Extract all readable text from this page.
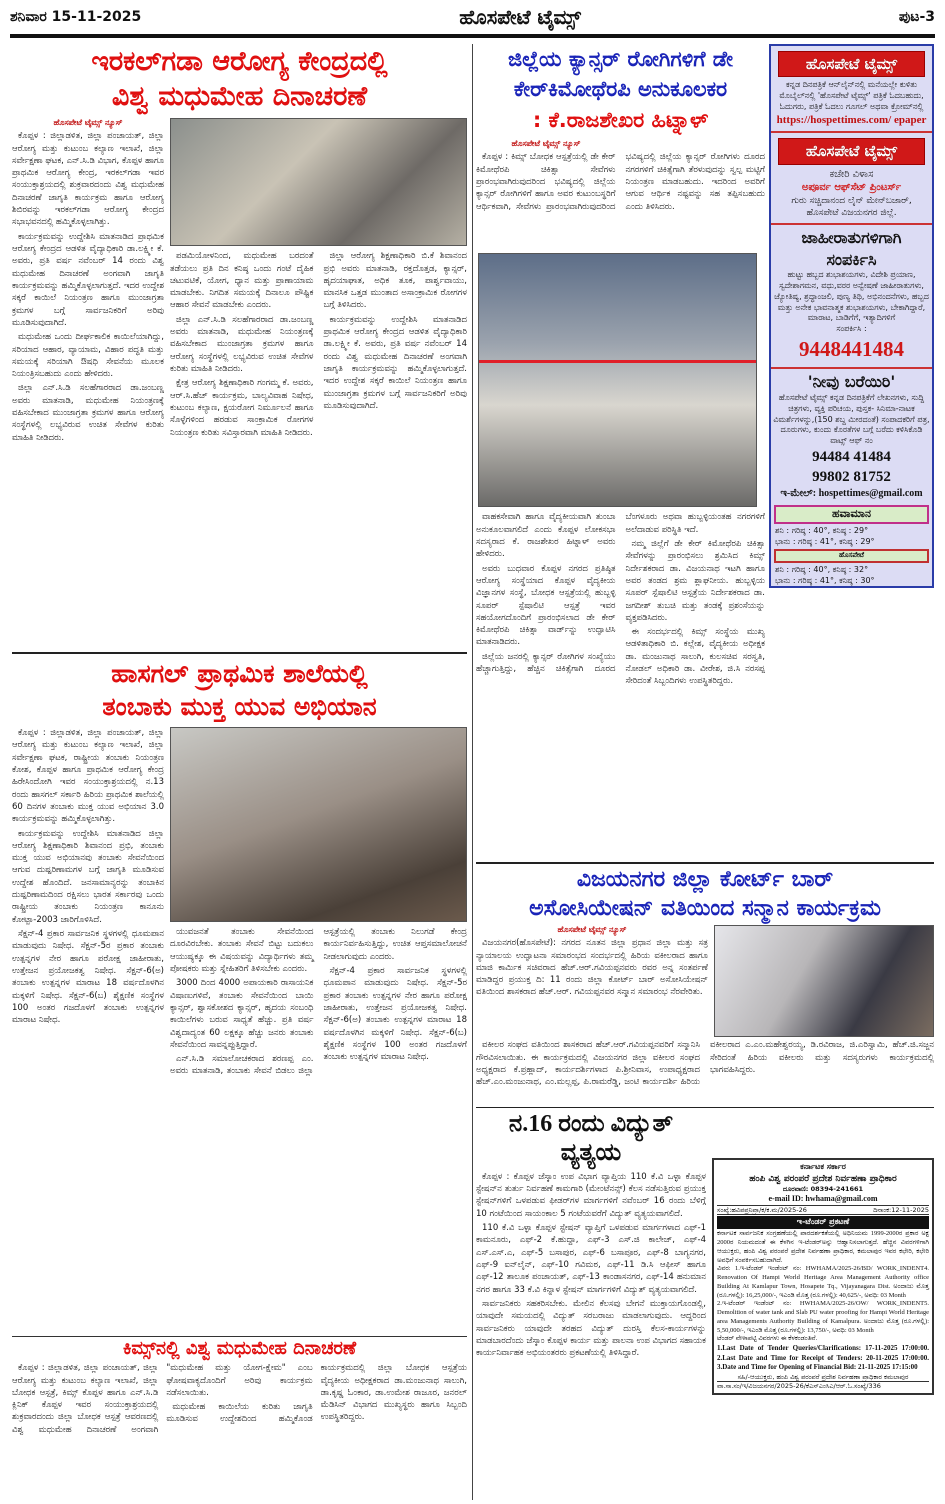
ಶನಿವಾರ 15-11-2025	ಹೊಸಪೇಟೆ ಟೈಮ್ಸ್	ಪುಟ-3
ಇರಕಲ್‌ಗಡಾ ಆರೋಗ್ಯ ಕೇಂದ್ರದಲ್ಲಿ
ವಿಶ್ವ ಮಧುಮೇಹ ದಿನಾಚರಣೆ
ಹೊಸಪೇಟೆ ಟೈಮ್ಸ್ ನ್ಯೂಸ್

ಕೊಪ್ಪಳ : ಜಿಲ್ಲಾಡಳಿತ, ಜಿಲ್ಲಾ ಪಂಚಾಯತ್, ಜಿಲ್ಲಾ ಆರೋಗ್ಯ ಮತ್ತು ಕುಟುಂಬ ಕಲ್ಯಾಣ ಇಲಾಖೆ, ಜಿಲ್ಲಾ ಸರ್ವೇಕ್ಷಣಾ ಘಟಕ, ಎನ್.ಸಿ.ಡಿ ವಿಭಾಗ, ಕೊಪ್ಪಳ ಹಾಗೂ ಪ್ರಾಥಮಿಕ ಆರೋಗ್ಯ ಕೇಂದ್ರ, ಇರಕಲ್‌ಗಡಾ ಇವರ ಸಂಯುಕ್ತಾಶ್ರಯದಲ್ಲಿ ಶುಕ್ರವಾರದಂದು ವಿಶ್ವ ಮಧುಮೇಹ ದಿನಾಚರಣೆ ಜಾಗೃತಿ ಕಾರ್ಯಕ್ರಮ ಹಾಗೂ ಆರೋಗ್ಯ ಶಿಬಿರವನ್ನು ಇರಕಲ್‌ಗಡಾ ಆರೋಗ್ಯ ಕೇಂದ್ರದ ಸಭಾಭವನದಲ್ಲಿ ಹಮ್ಮಿಕೊಳ್ಳಲಾಗಿತ್ತು.

ಕಾರ್ಯಕ್ರಮವನ್ನು ಉದ್ದೇಶಿಸಿ ಮಾತನಾಡಿದ ಪ್ರಾಥಮಿಕ ಆರೋಗ್ಯ ಕೇಂದ್ರದ ಆಡಳಿತ ವೈದ್ಯಾಧಿಕಾರಿ ಡಾ.ಲಕ್ಷ್ಮೀ ಕೆ. ಅವರು, ಪ್ರತಿ ವರ್ಷ ನವೆಂಬರ್ 14 ರಂದು ವಿಶ್ವ ಮಧುಮೇಹ ದಿನಾಚರಣೆ ಅಂಗವಾಗಿ ಜಾಗೃತಿ ಕಾರ್ಯಕ್ರಮವನ್ನು ಹಮ್ಮಿಕೊಳ್ಳಲಾಗುತ್ತದೆ. ಇದರ ಉದ್ದೇಶ ಸಕ್ಕರೆ ಕಾಯಿಲೆ ನಿಯಂತ್ರಣ ಹಾಗೂ ಮುಂಜಾಗ್ರತಾ ಕ್ರಮಗಳ ಬಗ್ಗೆ ಸಾರ್ವಜನಿಕರಿಗೆ ಅರಿವು ಮೂಡಿಸುವುದಾಗಿದೆ.

ಮಧುಮೇಹ ಒಂದು ದೀರ್ಘಕಾಲಿಕ ಕಾಯಿಲೆಯಾಗಿದ್ದು, ಸರಿಯಾದ ಆಹಾರ, ವ್ಯಾಯಾಮ, ವಿಹಾರ ಪದ್ಧತಿ ಮತ್ತು ಸಮಯಕ್ಕೆ ಸರಿಯಾಗಿ ಔಷಧಿ ಸೇವನೆಯ ಮೂಲಕ ನಿಯಂತ್ರಿಸಬಹುದು ಎಂದು ಹೇಳಿದರು.

ಜಿಲ್ಲಾ ಎನ್.ಸಿ.ಡಿ ಸಲಹೆಗಾರರಾದ ಡಾ.ಜಂಬಣ್ಣ ಅವರು ಮಾತನಾಡಿ, ಮಧುಮೇಹ ನಿಯಂತ್ರಣಕ್ಕೆ ವಹಿಸಬೇಕಾದ ಮುಂಜಾಗ್ರತಾ ಕ್ರಮಗಳ ಹಾಗೂ ಆರೋಗ್ಯ ಸಂಸ್ಥೆಗಳಲ್ಲಿ ಲಭ್ಯವಿರುವ ಉಚಿತ ಸೇವೆಗಳ ಕುರಿತು ಮಾಹಿತಿ ನೀಡಿದರು.

ಪಡಮಿಯೋಳನಿಂದ, ಮಧುಮೇಹ ಬರದಂತೆ ತಡೆಯಲು ಪ್ರತಿ ದಿನ ಕನಿಷ್ಠ ಒಂದು ಗಂಟೆ ದೈಹಿಕ ಚಟುವಟಿಕೆ, ಯೋಗ, ಧ್ಯಾನ ಮತ್ತು ಪ್ರಾಣಾಯಾಮ ಮಾಡಬೇಕು. ನಿಗದಿತ ಸಮಯಕ್ಕೆ ದಿನಾಲೂ ಪೌಷ್ಟಿಕ ಆಹಾರ ಸೇವನೆ ಮಾಡಬೇಕು ಎಂದರು.

ಜಿಲ್ಲಾ ಎನ್.ಸಿ.ಡಿ ಸಲಹೆಗಾರರಾದ ಡಾ.ಜಂಬಣ್ಣ ಅವರು ಮಾತನಾಡಿ, ಮಧುಮೇಹ ನಿಯಂತ್ರಣಕ್ಕೆ ವಹಿಸಬೇಕಾದ ಮುಂಜಾಗ್ರತಾ ಕ್ರಮಗಳ ಹಾಗೂ ಆರೋಗ್ಯ ಸಂಸ್ಥೆಗಳಲ್ಲಿ ಲಭ್ಯವಿರುವ ಉಚಿತ ಸೇವೆಗಳ ಕುರಿತು ಮಾಹಿತಿ ನೀಡಿದರು.

ಕ್ಷೇತ್ರ ಆರೋಗ್ಯ ಶಿಕ್ಷಣಾಧಿಕಾರಿ ಗಂಗಮ್ಮ ಕೆ. ಅವರು, ಆರ್.ಸಿ.ಹೆಚ್ ಕಾರ್ಯಕ್ರಮ, ಬಾಲ್ಯವಿವಾಹ ನಿಷೇಧ, ಕುಟುಂಬ ಕಲ್ಯಾಣ, ಕ್ಷಯರೋಗ ನಿರ್ಮೂಲನೆ ಹಾಗೂ ಸೊಳ್ಳೆಗಳಿಂದ ಹರಡುವ ಸಾಂಕ್ರಾಮಿಕ ರೋಗಗಳ ನಿಯಂತ್ರಣ ಕುರಿತು ಸವಿಸ್ತಾರವಾಗಿ ಮಾಹಿತಿ ನೀಡಿದರು.

ಜಿಲ್ಲಾ ಆರೋಗ್ಯ ಶಿಕ್ಷಣಾಧಿಕಾರಿ ಬಿ.ಕೆ ಶಿವಾನಂದ ಪ್ರಭಿ ಅವರು ಮಾತನಾಡಿ, ರಕ್ತದೊತ್ತಡ, ಕ್ಯಾನ್ಸರ್, ಹೃದಯಾಘಾತ, ಅಧಿಕ ತೂಕ, ಪಾರ್ಶ್ವವಾಯು, ಮಾನಸಿಕ ಒತ್ತಡ ಮುಂತಾದ ಅಸಾಂಕ್ರಾಮಿಕ ರೋಗಗಳ ಬಗ್ಗೆ ತಿಳಿಸಿದರು.

ಕಾರ್ಯಕ್ರಮವನ್ನು ಉದ್ದೇಶಿಸಿ ಮಾತನಾಡಿದ ಪ್ರಾಥಮಿಕ ಆರೋಗ್ಯ ಕೇಂದ್ರದ ಆಡಳಿತ ವೈದ್ಯಾಧಿಕಾರಿ ಡಾ.ಲಕ್ಷ್ಮೀ ಕೆ. ಅವರು, ಪ್ರತಿ ವರ್ಷ ನವೆಂಬರ್ 14 ರಂದು ವಿಶ್ವ ಮಧುಮೇಹ ದಿನಾಚರಣೆ ಅಂಗವಾಗಿ ಜಾಗೃತಿ ಕಾರ್ಯಕ್ರಮವನ್ನು ಹಮ್ಮಿಕೊಳ್ಳಲಾಗುತ್ತದೆ. ಇದರ ಉದ್ದೇಶ ಸಕ್ಕರೆ ಕಾಯಿಲೆ ನಿಯಂತ್ರಣ ಹಾಗೂ ಮುಂಜಾಗ್ರತಾ ಕ್ರಮಗಳ ಬಗ್ಗೆ ಸಾರ್ವಜನಿಕರಿಗೆ ಅರಿವು ಮೂಡಿಸುವುದಾಗಿದೆ.

ಹಾಸಗಲ್ ಪ್ರಾಥಮಿಕ ಶಾಲೆಯಲ್ಲಿ
ತಂಬಾಕು ಮುಕ್ತ ಯುವ ಅಭಿಯಾನ

ಕೊಪ್ಪಳ : ಜಿಲ್ಲಾಡಳಿತ, ಜಿಲ್ಲಾ ಪಂಚಾಯತ್, ಜಿಲ್ಲಾ ಆರೋಗ್ಯ ಮತ್ತು ಕುಟುಂಬ ಕಲ್ಯಾಣ ಇಲಾಖೆ, ಜಿಲ್ಲಾ ಸರ್ವೇಕ್ಷಣಾ ಘಟಕ, ರಾಷ್ಟ್ರೀಯ ತಂಬಾಕು ನಿಯಂತ್ರಣ ಕೋಶ, ಕೊಪ್ಪಳ ಹಾಗೂ ಪ್ರಾಥಮಿಕ ಆರೋಗ್ಯ ಕೇಂದ್ರ ಹಿರೇಸಿಂದೋಗಿ ಇವರ ಸಂಯುಕ್ತಾಶ್ರಯದಲ್ಲಿ ನ.13 ರಂದು ಹಾಸಗಲ್ ಸರ್ಕಾರಿ ಹಿರಿಯ ಪ್ರಾಥಮಿಕ ಶಾಲೆಯಲ್ಲಿ 60 ದಿನಗಳ ತಂಬಾಕು ಮುಕ್ತ ಯುವ ಅಭಿಯಾನ 3.0 ಕಾರ್ಯಕ್ರಮವನ್ನು ಹಮ್ಮಿಕೊಳ್ಳಲಾಗಿತ್ತು.

ಕಾರ್ಯಕ್ರಮವನ್ನು ಉದ್ದೇಶಿಸಿ ಮಾತನಾಡಿದ ಜಿಲ್ಲಾ ಆರೋಗ್ಯ ಶಿಕ್ಷಣಾಧಿಕಾರಿ ಶಿವಾನಂದ ಪ್ರಭಿ, ತಂಬಾಕು ಮುಕ್ತ ಯುವ ಅಭಿಯಾನವು ತಂಬಾಕು ಸೇವನೆಯಿಂದ ಆಗುವ ದುಷ್ಪರಿಣಾಮಗಳ ಬಗ್ಗೆ ಜಾಗೃತಿ ಮೂಡಿಸುವ ಉದ್ದೇಶ ಹೊಂದಿದೆ. ಜನಸಾಮಾನ್ಯರನ್ನು ತಂಬಾಕಿನ ದುಷ್ಪರಿಣಾಮದಿಂದ ರಕ್ಷಿಸಲು ಭಾರತ ಸರ್ಕಾರವು ಒಂದು ರಾಷ್ಟ್ರೀಯ ತಂಬಾಕು ನಿಯಂತ್ರಣ ಕಾನೂನು ಕೋಟ್ಪಾ-2003 ಜಾರಿಗೊಳಿಸಿದೆ.

ಸೆಕ್ಷನ್-4 ಪ್ರಕಾರ ಸಾರ್ವಜನಿಕ ಸ್ಥಳಗಳಲ್ಲಿ ಧೂಮಪಾನ ಮಾಡುವುದು ನಿಷೇಧ. ಸೆಕ್ಷನ್-5ರ ಪ್ರಕಾರ ತಂಬಾಕು ಉತ್ಪನ್ನಗಳ ನೇರ ಹಾಗೂ ಪರೋಕ್ಷ ಜಾಹೀರಾತು, ಉತ್ತೇಜನ ಪ್ರಯೋಜಕತ್ವ ನಿಷೇಧ. ಸೆಕ್ಷನ್-6(ಅ) ತಂಬಾಕು ಉತ್ಪನ್ನಗಳ ಮಾರಾಟ 18 ವರ್ಷದೊಳಗಿನ ಮಕ್ಕಳಿಗೆ ನಿಷೇಧ. ಸೆಕ್ಷನ್-6(ಬ) ಶೈಕ್ಷಣಿಕ ಸಂಸ್ಥೆಗಳ 100 ಅಂತರ ಗಜದೊಳಗೆ ತಂಬಾಕು ಉತ್ಪನ್ನಗಳ ಮಾರಾಟ ನಿಷೇಧ.

ಯುವಜನತೆ ತಂಬಾಕು ಸೇವನೆಯಿಂದ ದೂರವಿರಬೇಕು. ತಂಬಾಕು ಸೇವನೆ ಬಿಟ್ಟು ಬದುಕಲು ಆಯುಷ್ಯಕ್ಕೂ ಈ ವಿಷಯವನ್ನು ವಿದ್ಯಾರ್ಥಿಗಳು ತಮ್ಮ ಪೋಷಕರು ಮತ್ತು ಸ್ನೇಹಿತರಿಗೆ ತಿಳಿಸಬೇಕು ಎಂದರು.

3000 ದಿಂದ 4000 ಅಪಾಯಕಾರಿ ರಾಸಾಯನಿಕ ವಿಷಾಣುಗಳಿವೆ, ತಂಬಾಕು ಸೇವನೆಯಿಂದ ಬಾಯಿ ಕ್ಯಾನ್ಸರ್, ಶ್ವಾಸಕೋಶದ ಕ್ಯಾನ್ಸರ್, ಹೃದಯ ಸಂಬಂಧಿ ಕಾಯಿಲೆಗಳು ಬರುವ ಸಾಧ್ಯತೆ ಹೆಚ್ಚು. ಪ್ರತಿ ವರ್ಷ ವಿಶ್ವದಾದ್ಯಂತ 60 ಲಕ್ಷಕ್ಕೂ ಹೆಚ್ಚು ಜನರು ತಂಬಾಕು ಸೇವನೆಯಿಂದ ಸಾವನ್ನಪ್ಪುತ್ತಿದ್ದಾರೆ.

ಎನ್.ಸಿ.ಡಿ ಸಮಾಲೋಚಕರಾದ ಶರಣಪ್ಪ ಎಂ. ಅವರು ಮಾತನಾಡಿ, ತಂಬಾಕು ಸೇವನೆ ಬಿಡಲು ಜಿಲ್ಲಾ ಆಸ್ಪತ್ರೆಯಲ್ಲಿ ತಂಬಾಕು ನಿಲುಗಡೆ ಕೇಂದ್ರ ಕಾರ್ಯನಿರ್ವಹಿಸುತ್ತಿದ್ದು, ಉಚಿತ ಆಪ್ತಸಮಾಲೋಚನೆ ನೀಡಲಾಗುವುದು ಎಂದರು.

ಸೆಕ್ಷನ್-4 ಪ್ರಕಾರ ಸಾರ್ವಜನಿಕ ಸ್ಥಳಗಳಲ್ಲಿ ಧೂಮಪಾನ ಮಾಡುವುದು ನಿಷೇಧ. ಸೆಕ್ಷನ್-5ರ ಪ್ರಕಾರ ತಂಬಾಕು ಉತ್ಪನ್ನಗಳ ನೇರ ಹಾಗೂ ಪರೋಕ್ಷ ಜಾಹೀರಾತು, ಉತ್ತೇಜನ ಪ್ರಯೋಜಕತ್ವ ನಿಷೇಧ. ಸೆಕ್ಷನ್-6(ಅ) ತಂಬಾಕು ಉತ್ಪನ್ನಗಳ ಮಾರಾಟ 18 ವರ್ಷದೊಳಗಿನ ಮಕ್ಕಳಿಗೆ ನಿಷೇಧ. ಸೆಕ್ಷನ್-6(ಬ) ಶೈಕ್ಷಣಿಕ ಸಂಸ್ಥೆಗಳ 100 ಅಂತರ ಗಜದೊಳಗೆ ತಂಬಾಕು ಉತ್ಪನ್ನಗಳ ಮಾರಾಟ ನಿಷೇಧ.

ಕಿಮ್ಸ್‌ನಲ್ಲಿ ವಿಶ್ವ ಮಧುಮೇಹ ದಿನಾಚರಣೆ

ಕೊಪ್ಪಳ : ಜಿಲ್ಲಾಡಳಿತ, ಜಿಲ್ಲಾ ಪಂಚಾಯತ್, ಜಿಲ್ಲಾ ಆರೋಗ್ಯ ಮತ್ತು ಕುಟುಂಬ ಕಲ್ಯಾಣ ಇಲಾಖೆ, ಜಿಲ್ಲಾ ಬೋಧಕ ಆಸ್ಪತ್ರೆ, ಕಿಮ್ಸ್ ಕೊಪ್ಪಳ ಹಾಗೂ ಎನ್.ಸಿ.ಡಿ ಕ್ಲಿನಿಕ್ ಕೊಪ್ಪಳ ಇವರ ಸಂಯುಕ್ತಾಶ್ರಯದಲ್ಲಿ ಶುಕ್ರವಾರದಂದು ಜಿಲ್ಲಾ ಬೋಧಕ ಆಸ್ಪತ್ರೆ ಆವರಣದಲ್ಲಿ ವಿಶ್ವ ಮಧುಮೇಹ ದಿನಾಚರಣೆ ಅಂಗವಾಗಿ "ಮಧುಮೇಹ ಮತ್ತು ಯೋಗ-ಕ್ಷೇಮ" ಎಂಬ ಘೋಷವಾಕ್ಯದೊಂದಿಗೆ ಅರಿವು ಕಾರ್ಯಕ್ರಮ ನಡೆಸಲಾಯಿತು.

ಮಧುಮೇಹ ಕಾಯಿಲೆಯ ಕುರಿತು ಜಾಗೃತಿ ಮೂಡಿಸುವ ಉದ್ದೇಶದಿಂದ ಹಮ್ಮಿಕೊಂಡ ಕಾರ್ಯಕ್ರಮದಲ್ಲಿ ಜಿಲ್ಲಾ ಬೋಧಕ ಆಸ್ಪತ್ರೆಯ ವೈದ್ಯಕೀಯ ಅಧೀಕ್ಷಕರಾದ ಡಾ.ಮಂಜುನಾಥ ಸಾಲುಗಿ, ಡಾ.ಕೃಷ್ಣ ಓಂಕಾರ, ಡಾ.ಉಮೇಶ ರಾಜೂರ, ಜನರಲ್ ಮೆಡಿಸಿನ್ ವಿಭಾಗದ ಮುಖ್ಯಸ್ಥರು ಹಾಗೂ ಸಿಬ್ಬಂದಿ ಉಪಸ್ಥಿತರಿದ್ದರು.

ಜಿಲ್ಲೆಯ ಕ್ಯಾನ್ಸರ್ ರೋಗಿಗಳಿಗೆ ಡೇ
ಕೇರ್‌ಕಿಮೋಥೆರಪಿ ಅನುಕೂಲಕರ
: ಕೆ.ರಾಜಶೇಖರ ಹಿಟ್ನಾಳ್
ಹೊಸಪೇಟೆ ಟೈಮ್ಸ್ ನ್ಯೂಸ್

ಕೊಪ್ಪಳ : ಕಿಮ್ಸ್ ಬೋಧಕ ಆಸ್ಪತ್ರೆಯಲ್ಲಿ ಡೇ ಕೇರ್ ಕಿಮೋಥೆರಪಿ ಚಿಕಿತ್ಸಾ ಸೇವೆಗಳು ಪ್ರಾರಂಭವಾಗಿರುವುದರಿಂದ ಭವಿಷ್ಯದಲ್ಲಿ ಜಿಲ್ಲೆಯ ಕ್ಯಾನ್ಸರ್ ರೋಗಿಗಳಿಗೆ ಹಾಗೂ ಅವರ ಕುಟುಂಬಸ್ಥರಿಗೆ ಆರ್ಥಿಕವಾಗಿ, ಸೇವೆಗಳು ಪ್ರಾರಂಭವಾಗಿರುವುದರಿಂದ ಭವಿಷ್ಯದಲ್ಲಿ ಜಿಲ್ಲೆಯ ಕ್ಯಾನ್ಸರ್ ರೋಗಿಗಳು ದೂರದ ನಗರಗಳಿಗೆ ಚಿಕಿತ್ಸೆಗಾಗಿ ತೆರಳುವುದನ್ನು ಸ್ವಲ್ಪ ಮಟ್ಟಿಗೆ ನಿಯಂತ್ರಣ ಮಾಡಬಹುದು. ಇದರಿಂದ ಅವರಿಗೆ ಆಗುವ ಆರ್ಥಿಕ ನಷ್ಟವನ್ನು ಸಹ ತಪ್ಪಿಸಬಹುದು ಎಂದು ತಿಳಿಸಿದರು.

ವಾಹಕಸೇವಾಗಿ ಹಾಗೂ ವೈದ್ಯಕೀಯವಾಗಿ ತುಂಬಾ ಅನುಕೂಲವಾಗಲಿದೆ ಎಂದು ಕೊಪ್ಪಳ ಲೋಕಸಭಾ ಸದಸ್ಯರಾದ ಕೆ. ರಾಜಶೇಖರ ಹಿಟ್ನಾಳ್ ಅವರು ಹೇಳಿದರು.

ಅವರು ಬುಧವಾರ ಕೊಪ್ಪಳ ನಗರದ ಪ್ರತಿಷ್ಠಿತ ಆರೋಗ್ಯ ಸಂಸ್ಥೆಯಾದ ಕೊಪ್ಪಳ ವೈದ್ಯಕೀಯ ವಿಜ್ಞಾನಗಳ ಸಂಸ್ಥೆ, ಬೋಧಕ ಆಸ್ಪತ್ರೆಯಲ್ಲಿ ಹುಬ್ಬಳ್ಳಿ ಸೂಪರ್ ಸ್ಪೆಷಾಲಿಟಿ ಆಸ್ಪತ್ರೆ ಇವರ ಸಹಯೋಗದೊಂದಿಗೆ ಪ್ರಾರಂಭಿಸಲಾದ ಡೇ ಕೇರ್ ಕಿಮೋಥೆರಪಿ ಚಿಕಿತ್ಸಾ ವಾರ್ಡ್‌ನ್ನು ಉದ್ಘಾಟಿಸಿ ಮಾತನಾಡಿದರು.

ಜಿಲ್ಲೆಯ ಜನರಲ್ಲಿ ಕ್ಯಾನ್ಸರ್ ರೋಗಿಗಳ ಸಂಖ್ಯೆಯು ಹೆಚ್ಚಾಗುತ್ತಿದ್ದು, ಹೆಚ್ಚಿನ ಚಿಕಿತ್ಸೆಗಾಗಿ ದೂರದ ಬೆಂಗಳೂರು ಅಥವಾ ಹುಬ್ಬಳ್ಳಿಯಂತಹ ನಗರಗಳಿಗೆ ಅಲೆದಾಡುವ ಪರಿಸ್ಥಿತಿ ಇದೆ.

ನಮ್ಮ ಜಿಲ್ಲೆಗೆ ಡೇ ಕೇರ್ ಕಿಮೋಥೆರಪಿ ಚಿಕಿತ್ಸಾ ಸೇವೆಗಳನ್ನು ಪ್ರಾರಂಭಿಸಲು ಶ್ರಮಿಸಿದ ಕಿಮ್ಸ್ ನಿರ್ದೇಶಕರಾದ ಡಾ. ವಿಜಯನಾಥ ಇಟಗಿ ಹಾಗೂ ಅವರ ತಂಡದ ಶ್ರಮ ಶ್ಲಾಘನೀಯ. ಹುಬ್ಬಳ್ಳಿಯ ಸೂಪರ್ ಸ್ಪೆಷಾಲಿಟಿ ಆಸ್ಪತ್ರೆಯ ನಿರ್ದೇಶಕರಾದ ಡಾ. ಜಗದೀಶ್ ತುಬಚಿ ಮತ್ತು ತಂಡಕ್ಕೆ ಪ್ರಶಂಸೆಯನ್ನು ವ್ಯಕ್ತಪಡಿಸಿದರು.

ಈ ಸಂದರ್ಭದಲ್ಲಿ ಕಿಮ್ಸ್ ಸಂಸ್ಥೆಯ ಮುಖ್ಯ ಆಡಳಿತಾಧಿಕಾರಿ ಬಿ. ಕಲ್ಲೇಶ, ವೈದ್ಯಕೀಯ ಅಧೀಕ್ಷಕ ಡಾ. ಮಂಜುನಾಥ ಸಾಲುಗಿ, ಕುಲಸಚಿವ ಸರಸ್ವತಿ, ನೋಡಲ್ ಅಧಿಕಾರಿ ಡಾ. ವೀರೇಶ, ಜಿ.ಸಿ ನರಸಪ್ಪ ಸೇರಿದಂತೆ ಸಿಬ್ಬಂದಿಗಳು ಉಪಸ್ಥಿತರಿದ್ದರು.

ಹೊಸಪೇಟೆ ಟೈಮ್ಸ್
ಕನ್ನಡ ದಿನಪತ್ರಿಕೆ ಆನ್‌ಲೈನ್‌ನಲ್ಲಿ ಮನೆಯಲ್ಲೇ ಕುಳಿತು ಮೊಬೈಲ್‌ನಲ್ಲಿ 'ಹೊಸಪೇಟೆ ಟೈಮ್ಸ್' ಪತ್ರಿಕೆ ಓದಬಹುದು, ಓದುಗರು, ಪತ್ರಿಕೆ ಓದಲು ಗೂಗಲ್ ಅಥವಾ ಕ್ರೋಮ್‌ನಲ್ಲಿ
https://hospettimes.com/ epaper
ಹೊಸಪೇಟೆ ಟೈಮ್ಸ್
ಕಚೇರಿ ವಿಳಾಸ
ಅಪೂರ್ವ ಆಫ್‌ಸೆಟ್ ಪ್ರಿಂಟರ್ಸ್
ಗುರು ಸಚ್ಚಿದಾನಂದ ಲೈನ್ ಮೇನ್‌ಬಜಾರ್, ಹೊಸಪೇಟೆ ವಿಜಯನಗರ ಜಿಲ್ಲೆ.
ಜಾಹೀರಾತುಗಳಿಗಾಗಿ
ಸಂಪರ್ಕಿಸಿ
ಹುಟ್ಟು ಹಬ್ಬದ ಶುಭಾಶಯಗಳು, ವಿದೇಶಿ ಪ್ರಯಾಣ, ಸ್ವದೇಶಾಗಮನ, ವಧು,ವರರ ಅನ್ವೇಷಣೆ ಜಾಹೀರಾತುಗಳು, ಜ್ಯೋತಿಷ್ಯ, ಶ್ರದ್ಧಾಂಜಲಿ, ಪುಣ್ಯ ತಿಥಿ, ಅಭಿನಂದನೆಗಳು, ಹಬ್ಬದ ಮತ್ತು ಅನೇಕ ಭಾವನಾತ್ಮಕ ಶುಭಾಶಯಗಳು, ಬೇಕಾಗಿದ್ದಾರೆ, ಮಾರಾಟ, ಬಾಡಿಗೆಗೆ, ಇತ್ಯಾದಿಗಳಿಗೆ
ಸಂಪರ್ಕಿಸಿ :
9448441484
'ನೀವು ಬರೆಯಿರಿ'
ಹೊಸಪೇಟೆ ಟೈಮ್ಸ್ ಕನ್ನಡ ದಿನಪತ್ರಿಕೆಗೆ ಲೇಖನಗಳು, ಸುದ್ದಿ ಚಿತ್ರಗಳು, ವ್ಯಕ್ತಿ ಪರಿಚಯ, ಪುಸ್ತಕ- ಸಿನಿಮಾ-ನಾಟಕ ವಿಮರ್ಶೆಗಳನ್ನು,(150 ಶಬ್ದ ಮೀರದಂತೆ) ಸಂಪಾದಕರಿಗೆ ಪತ್ರ, ದೂರುಗಳು, ಕುಂದು ಕೊರತೆಗಳ ಬಗ್ಗೆ ಬರೆದು ಕಳಿಸಿಕೊಡಿ
ವಾಟ್ಸ್ ಆಫ್ ನಂ
94484 41484
99802 81752
ಇ-ಮೇಲ್: hospettimes@gmail.com
ಹವಾಮಾನ
ಶನಿ : ಗರಿಷ್ಠ : 40°, ಕನಿಷ್ಠ : 29°
ಭಾನು : ಗರಿಷ್ಠ : 41°, ಕನಿಷ್ಠ : 29°
ಹೊಸಪೇಟೆ
ಶನಿ : ಗರಿಷ್ಠ : 40°, ಕನಿಷ್ಠ : 32°
ಭಾನು : ಗರಿಷ್ಠ : 41°, ಕನಿಷ್ಠ : 30°
ವಿಜಯನಗರ ಜಿಲ್ಲಾ ಕೋರ್ಟ್ ಬಾರ್
ಅಸೋಸಿಯೇಷನ್ ವತಿಯಿಂದ ಸನ್ಮಾನ ಕಾರ್ಯಕ್ರಮ
ಹೊಸಪೇಟೆ ಟೈಮ್ಸ್ ನ್ಯೂಸ್

ವಿಜಯನಗರ(ಹೊಸಪೇಟೆ): ನಗರದ ನೂತನ ಜಿಲ್ಲಾ ಪ್ರಧಾನ ಜಿಲ್ಲಾ ಮತ್ತು ಸತ್ರ ನ್ಯಾಯಾಲಯ ಉದ್ಘಾಟನಾ ಸಮಾರಂಭದ ಸಂದರ್ಭದಲ್ಲಿ ಹಿರಿಯ ವಕೀಲರಾದ ಹಾಗೂ ಮಾಜಿ ಕಾರ್ಮಿಕ ಸಚಿವರಾದ ಹೆಚ್.ಆರ್.ಗವಿಯಪ್ಪನವರು ರವರ ಅನ್ನ ಸಂತರ್ಪಣೆ ಮಾಡಿದ್ದರ ಪ್ರಯುಕ್ತ ದಿ: 11 ರಂದು ಜಿಲ್ಲಾ ಕೋರ್ಟ್ ಬಾರ್ ಅಸೋಸಿಯೇಷನ್ ವತಿಯಿಂದ ಶಾಸಕರಾದ ಹೆಚ್.ಆರ್. ಗವಿಯಪ್ಪನವರ ಸನ್ಮಾನ ಸಮಾರಂಭ ನೆರವೇರಿತು.

ವಕೀಲರ ಸಂಘದ ವತಿಯಿಂದ ಶಾಸಕರಾದ ಹೆಚ್.ಆರ್.ಗವಿಯಪ್ಪನವರಿಗೆ ಸನ್ಮಾನಿಸಿ ಗೌರವಿಸಲಾಯಿತು. ಈ ಕಾರ್ಯಕ್ರಮದಲ್ಲಿ ವಿಜಯನಗರ ಜಿಲ್ಲಾ ವಕೀಲರ ಸಂಘದ ಅಧ್ಯಕ್ಷರಾದ ಕೆ.ಪ್ರಹ್ಲಾದ್, ಕಾರ್ಯದರ್ಶಿಗಳಾದ ಪಿ.ಶ್ರೀನಿವಾಸ, ಉಪಾಧ್ಯಕ್ಷರಾದ ಹೆಚ್.ಎಂ.ಮಂಜುನಾಥ, ಎಂ.ಮಲ್ಲಪ್ಪ, ಪಿ.ರಾಮರೆಡ್ಡಿ, ಜಂಟಿ ಕಾರ್ಯದರ್ಶಿ ಹಿರಿಯ ವಕೀಲರಾದ ಎ.ಎಂ.ಮಹೇಶ್ವರಯ್ಯ, ಡಿ.ರವಿರಾಜ, ಜಿ.ಎರಿಸ್ವಾಮಿ, ಹೆಚ್.ಜಿ.ಸಜ್ಜನ ಸೇರಿದಂತೆ ಹಿರಿಯ ವಕೀಲರು ಮತ್ತು ಸದಸ್ಯರುಗಳು ಕಾರ್ಯಕ್ರಮದಲ್ಲಿ ಭಾಗವಹಿಸಿದ್ದರು.

ನ.16 ರಂದು ವಿದ್ಯುತ್ ವ್ಯತ್ಯಯ

ಕೊಪ್ಪಳ : ಕೊಪ್ಪಳ ಜೆಸ್ಕಾಂ ಉಪ ವಿಭಾಗ ವ್ಯಾಪ್ತಿಯ 110 ಕೆ.ವಿ ಒಳ್ಳಾ ಕೊಪ್ಪಳ ಸ್ಟೇಷನ್‌ನ ತುರ್ತು ನಿರ್ವಹಣೆ ಕಾಮಗಾರಿ (ಮೇಂಟೆನನ್ಸ್) ಕೆಲಸ ನಡೆಸುತ್ತಿರುವ ಪ್ರಯುಕ್ತ ಸ್ಟೇಷನ್‌ಗಳಿಗೆ ಒಳಪಡುವ ಫೀಡರ್‌ಗಳ ಮಾರ್ಗಗಳಿಗೆ ನವೆಂಬರ್ 16 ರಂದು ಬೆಳಿಗ್ಗೆ 10 ಗಂಟೆಯಿಂದ ಸಾಯಂಕಾಲ 5 ಗಂಟೆಯವರೆಗೆ ವಿದ್ಯುತ್ ವ್ಯತ್ಯಯವಾಗಲಿದೆ.

110 ಕೆ.ವಿ ಒಳ್ಳಾ ಕೊಪ್ಪಳ ಸ್ಟೇಷನ್ ವ್ಯಾಪ್ತಿಗೆ ಒಳಪಡುವ ಮಾರ್ಗಗಳಾದ ಎಫ್-1 ಕಾಮನೂರು, ಎಫ್-2 ಕೆ.ಹುದ್ದಾ, ಎಫ್-3 ಎಸ್.ಜಿ ಕಾಲೇಜ್, ಎಫ್-4 ಎಸ್.ಎಸ್.ಎ, ಎಫ್-5 ಬಸಾಪುರ, ಎಫ್-6 ಬಸಾಪೂರ, ಎಫ್-8 ಬಾಗ್ಯನಗರ, ಎಫ್-9 ಐನ್‌ಲೈನ್, ಎಫ್-10 ಗವಿಮಠ, ಎಫ್-11 ಡಿ.ಸಿ ಆಫೀಸ್ ಹಾಗೂ ಎಫ್-12 ತಾಲೂಕ ಪಂಚಾಯತ್, ಎಫ್-13 ಕಾಂಡಾಸನಗರ, ಎಫ್-14 ಹನುಮಾನ ನಗರ ಹಾಗೂ 33 ಕೆ.ವಿ ಕಿನ್ನಾಳ ಸ್ಟೇಷನ್ ಮಾರ್ಗಗಳಿಗೆ ವಿದ್ಯುತ್ ವ್ಯತ್ಯಯವಾಗಲಿದೆ.

ಸಾರ್ವಜನಿಕರು ಸಹಕರಿಸಬೇಕು. ಮೇಲಿನ ಕೆಲಸವು ಬೇಗನೆ ಮುಕ್ತಾಯಗೊಂಡಲ್ಲಿ, ಯಾವುದೇ ಸಮಯದಲ್ಲಿ ವಿದ್ಯುತ್ ಸರಬರಾಜು ಮಾಡಲಾಗುವುದು. ಆದ್ದರಿಂದ ಸಾರ್ವಜನಿಕರು ಯಾವುದೇ ತರಹದ ವಿದ್ಯುತ್ ದುರಸ್ತಿ ಕೆಲಸ-ಕಾರ್ಯಗಳನ್ನು ಮಾಡಬಾರದೆಂದು ಜೆಸ್ಕಾಂ ಕೊಪ್ಪಳ ಕಾರ್ಯ ಮತ್ತು ಪಾಲನಾ ಉಪ ವಿಭಾಗದ ಸಹಾಯಕ ಕಾರ್ಯನಿರ್ವಾಹಕ ಅಭಿಯಂತರರು ಪ್ರಕಟಣೆಯಲ್ಲಿ ತಿಳಿಸಿದ್ದಾರೆ.

ಕರ್ನಾಟಕ ಸರ್ಕಾರ
ಹಂಪಿ ವಿಶ್ವ ಪರಂಪರೆ ಪ್ರದೇಶ ನಿರ್ವಹಣಾ ಪ್ರಾಧಿಕಾರ
ದೂರವಾಣಿ: 08394-241661
e-mail ID: hwhama@gmail.com
ಸಂಖ್ಯೆ:ಹವಿಪಪ್ರನಿಪ್ರಾ/ಕ/ಕ.ಮ/2025-26	ದಿನಾಂಕ:12-11-2025
ಇ-ಟೆಂಡರ್ ಪ್ರಕಟಣೆ
ಕರ್ನಾಟಕ ಸಾರ್ವಜನಿಕ ಸಂಗ್ರಹಣೆಯಲ್ಲಿ ಪಾರದರ್ಶಕತೆಯಲ್ಲಿ ಅಧಿನಿಯಮ 1999-2000ರ ಪ್ರಕಾರ ಅಕ್ಟ 2000ರ ನಿಯಮದಂತೆ ಈ ಕೆಳಗಿನ ಇ-ಟೆಂಡರ್‌ಅನ್ನು ಆಹ್ವಾನಿಸಲಾಗುತ್ತದೆ. ಹೆಚ್ಚಿನ ವಿವರಗಳಿಗಾಗಿ ಆಯುಕ್ತರು, ಹಂಪಿ ವಿಶ್ವ ಪರಂಪರೆ ಪ್ರದೇಶ ನಿರ್ವಹಣಾ ಪ್ರಾಧಿಕಾರ, ಕಮಲಾಪುರ ಇವರ ಕಛೇರಿ, ಕಛೇರಿ ಅವಧಿಗೆ ಸಂಪರ್ಕಿಸಬಹುದಾಗಿದೆ.
ವಿವರ: 1.ಇ-ಟೆಂಡರ್ ಇಂಡೆಂಟ್ ನಂ: HWHAMA/2025-26/BD/ WORK_INDENT4. Renovation Of Hampi World Heritage Area Management Authority office Building At Kamlapur Town, Hosapete Tq., Vijayanagara Dist. ಅಂದಾಜು ಮೊತ್ತ (ರೂ.ಗಳಲ್ಲಿ): 16,25,000/-, ಇಎಂಡಿ ಮೊತ್ತ (ರೂ.ಗಳಲ್ಲಿ): 40,625/-, ಅವಧಿ: 03 Month
2.ಇ-ಟೆಂಡರ್ ಇಂಡೆಂಟ್ ನಂ: HWHAMA/2025-26/OW/ WORK_INDENT5. Demolition of water tank and Slab PU water proofing for Hampi World Heritage area Managements Authority Building of Kamalpura. ಅಂದಾಜು ಮೊತ್ತ (ರೂ.ಗಳಲ್ಲಿ): 5,50,000/-, ಇಎಂಡಿ ಮೊತ್ತ (ರೂ.ಗಳಲ್ಲಿ): 13,750/-, ಅವಧಿ: 03 Month
ಟೆಂಡರ್ ವೇಳಾಪಟ್ಟಿ ವಿವರಗಳು ಈ ಕೆಳಕಂಡಂತಿವೆ.
1.Last Date of Tender Queries/Clarifications: 17-11-2025 17:00:00. 2.Last Date and Time for Receipt of Tenders: 20-11-2025 17:00:00. 3.Date and Time for Opening of Financial Bid: 21-11-2025 17:15:00
ಸಹಿ/-ಆಯುಕ್ತರು, ಹಂಪಿ ವಿಶ್ವ ಪರಂಪರೆ ಪ್ರದೇಶ ನಿರ್ವಹಣಾ ಪ್ರಾಧಿಕಾರ ಕಮಲಾಪುರ
ವಾ.ಸಾ.ಸಂ/ಇ/ವಿಜಯನಗರ/2025-26/ಕೆಎಸ್‌ಎಂಸಿಎ/ಆರ್.ಓ.ಸಂಖ್ಯೆ/336
